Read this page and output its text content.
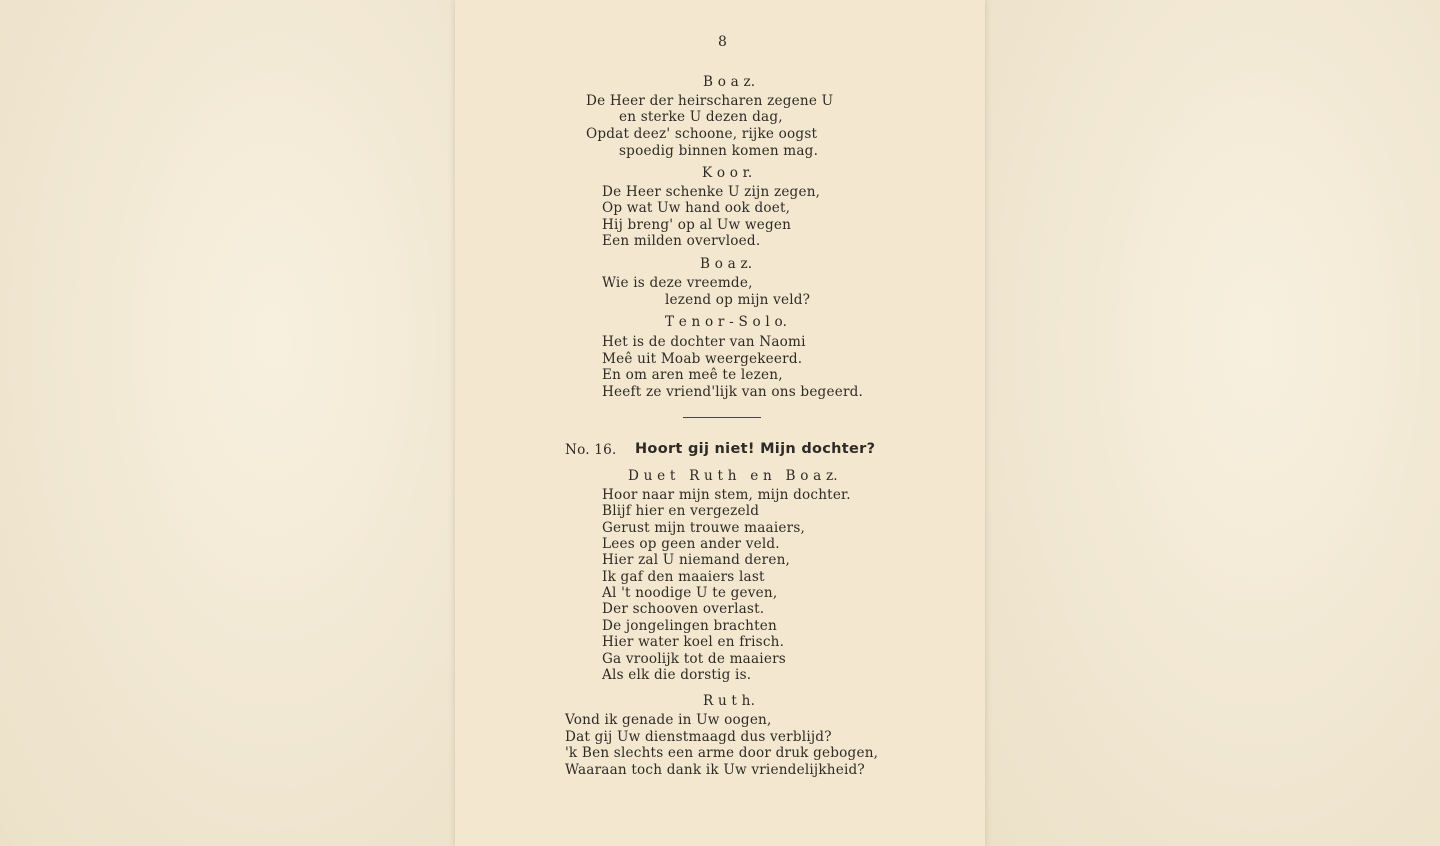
8
B o a z.
De Heer der heirscharen zegene U
en sterke U dezen dag,
Opdat deez' schoone, rijke oogst
spoedig binnen komen mag.
K o o r.
De Heer schenke U zijn zegen,
Op wat Uw hand ook doet,
Hij breng' op al Uw wegen
Een milden overvloed.
B o a z.
Wie is deze vreemde,
lezend op mijn veld?
T e n o r - S o l o.
Het is de dochter van Naomi
Meê uit Moab weergekeerd.
En om aren meê te lezen,
Heeft ze vriend'lijk van ons begeerd.
No. 16. Hoort gij niet! Mijn dochter?
D u e t   R u t h   e n   B o a z.
Hoor naar mijn stem, mijn dochter.
Blijf hier en vergezeld
Gerust mijn trouwe maaiers,
Lees op geen ander veld.
Hier zal U niemand deren,
Ik gaf den maaiers last
Al 't noodige U te geven,
Der schooven overlast.
De jongelingen brachten
Hier water koel en frisch.
Ga vroolijk tot de maaiers
Als elk die dorstig is.
R u t h.
Vond ik genade in Uw oogen,
Dat gij Uw dienstmaagd dus verblijd?
'k Ben slechts een arme door druk gebogen,
Waaraan toch dank ik Uw vriendelijkheid?
